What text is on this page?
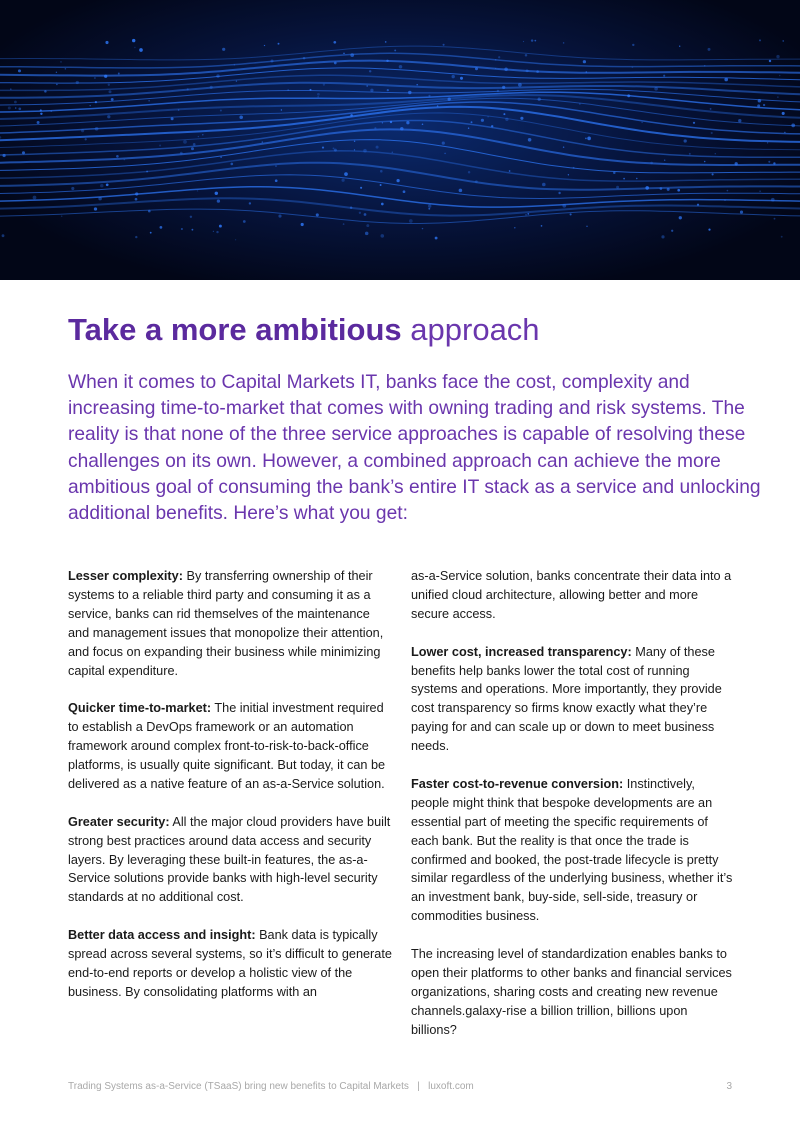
Take a more ambitious approach

When it comes to Capital Markets IT, banks face the cost, complexity and increasing time-to-market that comes with owning trading and risk systems. The reality is that none of the three service approaches is capable of resolving these challenges on its own. However, a combined approach can achieve the more ambitious goal of consuming the bank’s entire IT stack as a service and unlocking additional benefits. Here’s what you get:

Lesser complexity: By transferring ownership of their systems to a reliable third party and consuming it as a service, banks can rid themselves of the maintenance and management issues that monopolize their attention, and focus on expanding their business while minimizing capital expenditure.

Quicker time-to-market: The initial investment required to establish a DevOps framework or an automation framework around complex front-to-risk-to-back-office platforms, is usually quite significant. But today, it can be delivered as a native feature of an as-a-Service solution.

Greater security: All the major cloud providers have built strong best practices around data access and security layers. By leveraging these built-in features, the as-a-Service solutions provide banks with high-level security standards at no additional cost.

Better data access and insight: Bank data is typically spread across several systems, so it’s difficult to generate end-to-end reports or develop a holistic view of the business. By consolidating platforms with an

as-a-Service solution, banks concentrate their data into a unified cloud architecture, allowing better and more secure access.

Lower cost, increased transparency: Many of these benefits help banks lower the total cost of running systems and operations. More importantly, they provide cost transparency so firms know exactly what they’re paying for and can scale up or down to meet business needs.

Faster cost-to-revenue conversion: Instinctively, people might think that bespoke developments are an essential part of meeting the specific requirements of each bank. But the reality is that once the trade is confirmed and booked, the post-trade lifecycle is pretty similar regardless of the underlying business, whether it’s an investment bank, buy-side, sell-side, treasury or commodities business.

The increasing level of standardization enables banks to open their platforms to other banks and financial services organizations, sharing costs and creating new revenue channels.galaxy-rise a billion trillion, billions upon billions?

Trading Systems as-a-Service (TSaaS) bring new benefits to Capital Markets   |   luxoft.com	3
